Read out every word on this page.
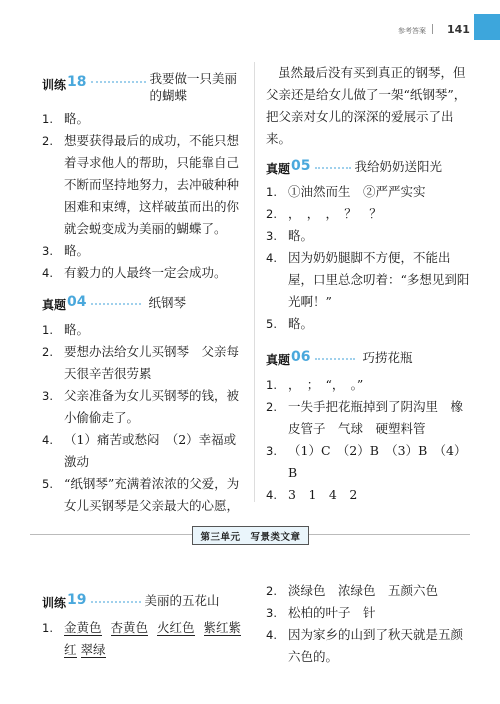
参考答案 141
训练 18	我要做一只美丽
的蝴蝶
1. 略。
2. 想要获得最后的成功，不能只想着寻求他人的帮助，只能靠自己不断而坚持地努力，去冲破种种困难和束缚，这样破茧而出的你就会蜕变成为美丽的蝴蝶了。
3. 略。
4. 有毅力的人最终一定会成功。
真题 04	纸钢琴
1. 略。
2. 要想办法给女儿买钢琴　父亲每天很辛苦很劳累
3. 父亲准备为女儿买钢琴的钱，被小偷偷走了。
4. （1）痛苦或愁闷　（2）幸福或激动
5. “纸钢琴”充满着浓浓的父爱，为女儿买钢琴是父亲最大的心愿，
虽然最后没有买到真正的钢琴，但父亲还是给女儿做了一架“纸钢琴”，把父亲对女儿的深深的爱展示了出来。
真题 05	我给奶奶送阳光
1. ①油然而生　②严严实实
2. ，　，　，　？　？
3. 略。
4. 因为奶奶腿脚不方便，不能出屋，口里总念叨着：“多想见到阳光啊！”
5. 略。
真题 06	巧捞花瓶
1. ，　；　“，　。”
2. 一失手把花瓶掉到了阴沟里　橡皮管子　气球　硬塑料管
3. （1）C　（2）B　（3）B　（4）B
4. 3　1　4　2
第三单元　写景类文章
训练 19	美丽的五花山
1. 金黄色 杏黄色 火红色 紫红紫红 翠绿
2. 淡绿色　浓绿色　五颜六色
3. 松柏的叶子　针
4. 因为家乡的山到了秋天就是五颜六色的。
